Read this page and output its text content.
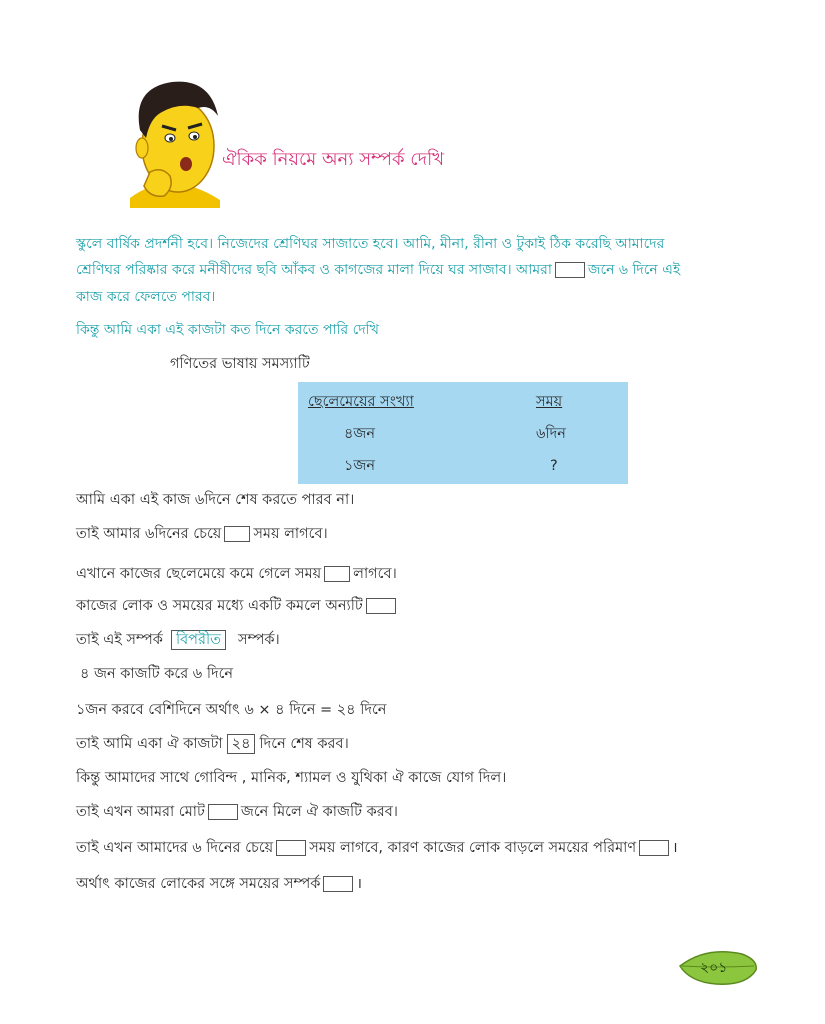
ঐকিক নিয়মে অন্য সম্পর্ক দেখি
স্কুলে বার্ষিক প্রদর্শনী হবে। নিজেদের শ্রেণিঘর সাজাতে হবে। আমি, মীনা, রীনা ও টুকাই ঠিক করেছি আমাদের
শ্রেণিঘর পরিষ্কার করে মনীষীদের ছবি আঁকব ও কাগজের মালা দিয়ে ঘর সাজাব। আমরা	জনে ৬ দিনে এই
কাজ করে ফেলতে পারব।
কিন্তু আমি একা এই কাজটা কত দিনে করতে পারি দেখি
গণিতের ভাষায় সমস্যাটি
ছেলেমেয়ের সংখ্যা	সময়
৪জন	৬দিন
১জন	?
আমি একা এই কাজ ৬দিনে শেষ করতে পারব না।
তাই আমার ৬দিনের চেয়ে সময় লাগবে।
এখানে কাজের ছেলেমেয়ে কমে গেলে সময় লাগবে।
কাজের লোক ও সময়ের মধ্যে একটি কমলে অন্যটি
তাই এই সম্পর্ক বিপরীত সম্পর্ক।
৪ জন কাজটি করে ৬ দিনে
১জন করবে বেশিদিনে অর্থাৎ ৬ × ৪ দিনে = ২৪ দিনে
তাই আমি একা ঐ কাজটা ২৪ দিনে শেষ করব।
কিন্তু আমাদের সাথে গোবিন্দ , মানিক, শ্যামল ও যুথিকা ঐ কাজে যোগ দিল।
তাই এখন আমরা মোট জনে মিলে ঐ কাজটি করব।
তাই এখন আমাদের ৬ দিনের চেয়ে সময় লাগবে, কারণ কাজের লোক বাড়লে সময়ের পরিমাণ ।
অর্থাৎ কাজের লোকের সঙ্গে সময়ের সম্পর্ক ।
২০১
